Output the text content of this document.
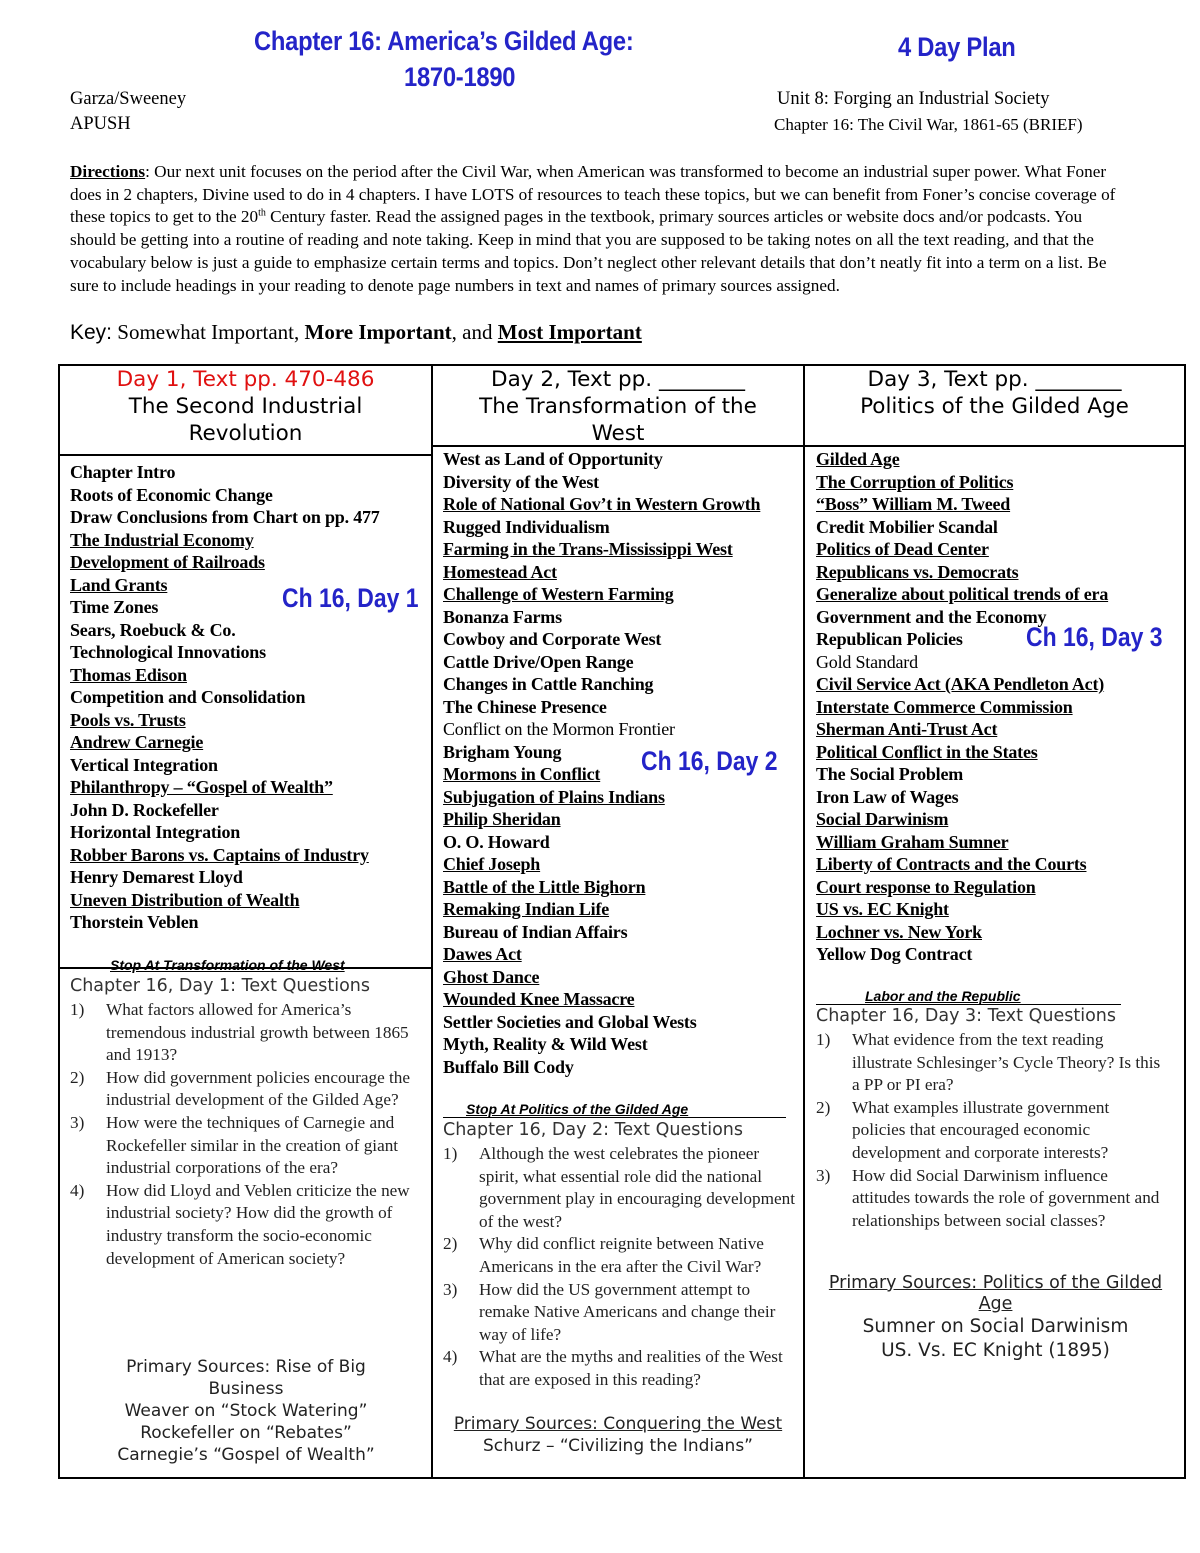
Chapter 16: America’s Gilded Age:
1870-1890
4 Day Plan
Garza/Sweeney
APUSH
Unit 8: Forging an Industrial Society
Chapter 16: The Civil War, 1861-65 (BRIEF)
Directions: Our next unit focuses on the period after the Civil War, when American was transformed to become an industrial super power. What Foner does in 2 chapters, Divine used to do in 4 chapters. I have LOTS of resources to teach these topics, but we can benefit from Foner’s concise coverage of these topics to get to the 20th Century faster. Read the assigned pages in the textbook, primary sources articles or website docs and/or podcasts. You should be getting into a routine of reading and note taking. Keep in mind that you are supposed to be taking notes on all the text reading, and that the vocabulary below is just a guide to emphasize certain terms and topics. Don’t neglect other relevant details that don’t neatly fit into a term on a list. Be sure to include headings in your reading to denote page numbers in text and names of primary sources assigned.
Key: Somewhat Important, More Important, and Most Important
Day 1, Text pp. 470-486
The Second Industrial
Revolution
Chapter Intro
Roots of Economic Change
Draw Conclusions from Chart on pp. 477
The Industrial Economy
Development of Railroads
Land Grants
Time Zones
Sears, Roebuck & Co.
Technological Innovations
Thomas Edison
Competition and Consolidation
Pools vs. Trusts
Andrew Carnegie
Vertical Integration
Philanthropy – “Gospel of Wealth”
John D. Rockefeller
Horizontal Integration
Robber Barons vs. Captains of Industry
Henry Demarest Lloyd
Uneven Distribution of Wealth
Thorstein Veblen
Ch 16, Day 1
Stop At Transformation of the West
Chapter 16, Day 1: Text Questions
1) What factors allowed for America’s tremendous industrial growth between 1865 and 1913?
2) How did government policies encourage the industrial development of the Gilded Age?
3) How were the techniques of Carnegie and Rockefeller similar in the creation of giant industrial corporations of the era?
4) How did Lloyd and Veblen criticize the new industrial society? How did the growth of industry transform the socio-economic development of American society?
Primary Sources: Rise of Big Business
Weaver on “Stock Watering”
Rockefeller on “Rebates”
Carnegie’s “Gospel of Wealth”
Day 2, Text pp. ________
The Transformation of the
West
West as Land of Opportunity
Diversity of the West
Role of National Gov’t in Western Growth
Rugged Individualism
Farming in the Trans-Mississippi West
Homestead Act
Challenge of Western Farming
Bonanza Farms
Cowboy and Corporate West
Cattle Drive/Open Range
Changes in Cattle Ranching
The Chinese Presence
Conflict on the Mormon Frontier
Brigham Young
Mormons in Conflict
Subjugation of Plains Indians
Philip Sheridan
O. O. Howard
Chief Joseph
Battle of the Little Bighorn
Remaking Indian Life
Bureau of Indian Affairs
Dawes Act
Ghost Dance
Wounded Knee Massacre
Settler Societies and Global Wests
Myth, Reality & Wild West
Buffalo Bill Cody
Ch 16, Day 2
Stop At Politics of the Gilded Age
Chapter 16, Day 2: Text Questions
1) Although the west celebrates the pioneer spirit, what essential role did the national government play in encouraging development of the west?
2) Why did conflict reignite between Native Americans in the era after the Civil War?
3) How did the US government attempt to remake Native Americans and change their way of life?
4) What are the myths and realities of the West that are exposed in this reading?
Primary Sources: Conquering the West
Schurz – “Civilizing the Indians”
Day 3, Text pp. ________
Politics of the Gilded Age
Gilded Age
The Corruption of Politics
“Boss” William M. Tweed
Credit Mobilier Scandal
Politics of Dead Center
Republicans vs. Democrats
Generalize about political trends of era
Government and the Economy
Republican Policies
Gold Standard
Civil Service Act (AKA Pendleton Act)
Interstate Commerce Commission
Sherman Anti-Trust Act
Political Conflict in the States
The Social Problem
Iron Law of Wages
Social Darwinism
William Graham Sumner
Liberty of Contracts and the Courts
Court response to Regulation
US vs. EC Knight
Lochner vs. New York
Yellow Dog Contract
Ch 16, Day 3
Labor and the Republic
Chapter 16, Day 3: Text Questions
1) What evidence from the text reading illustrate Schlesinger’s Cycle Theory? Is this a PP or PI era?
2) What examples illustrate government policies that encouraged economic development and corporate interests?
3) How did Social Darwinism influence attitudes towards the role of government and relationships between social classes?
Primary Sources: Politics of the Gilded Age
Sumner on Social Darwinism
US. Vs. EC Knight (1895)
